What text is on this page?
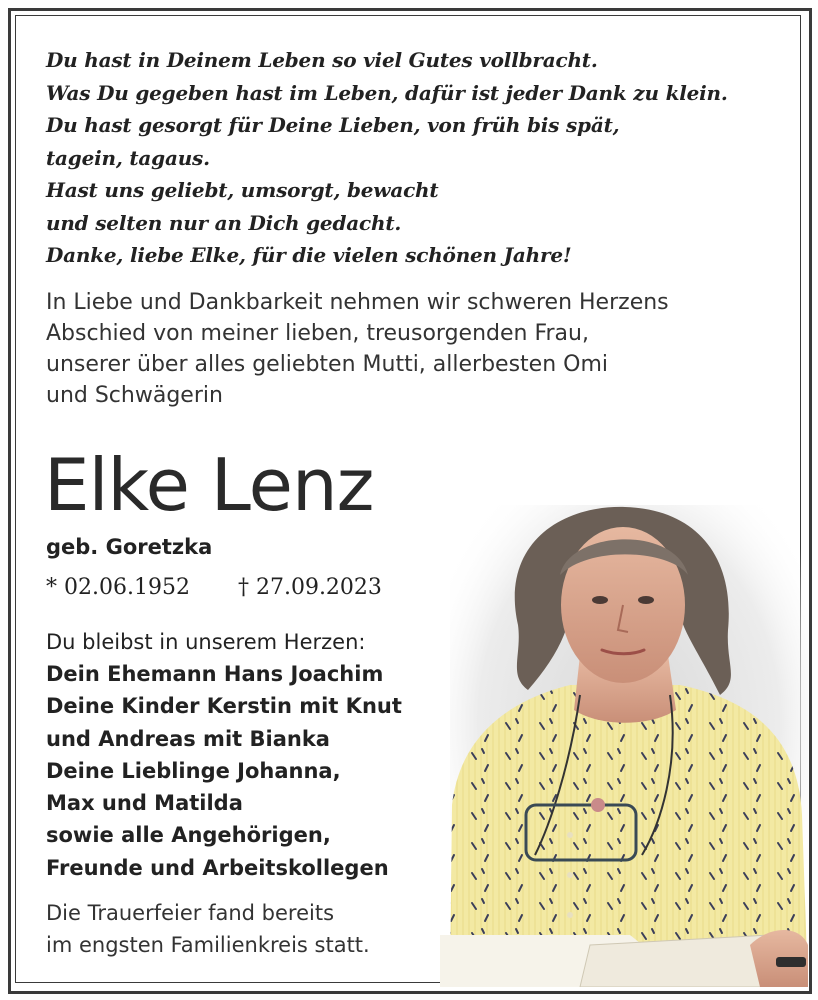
Du hast in Deinem Leben so viel Gutes vollbracht.
Was Du gegeben hast im Leben, dafür ist jeder Dank zu klein.
Du hast gesorgt für Deine Lieben, von früh bis spät,
tagein, tagaus.
Hast uns geliebt, umsorgt, bewacht
und selten nur an Dich gedacht.
Danke, liebe Elke, für die vielen schönen Jahre!
In Liebe und Dankbarkeit nehmen wir schweren Herzens
Abschied von meiner lieben, treusorgenden Frau,
unserer über alles geliebten Mutti, allerbesten Omi
und Schwägerin
Elke Lenz
geb. Goretzka
* 02.06.1952 † 27.09.2023
Du bleibst in unserem Herzen:
Dein Ehemann Hans Joachim
Deine Kinder Kerstin mit Knut
und Andreas mit Bianka
Deine Lieblinge Johanna,
Max und Matilda
sowie alle Angehörigen,
Freunde und Arbeitskollegen
Die Trauerfeier fand bereits
im engsten Familienkreis statt.
